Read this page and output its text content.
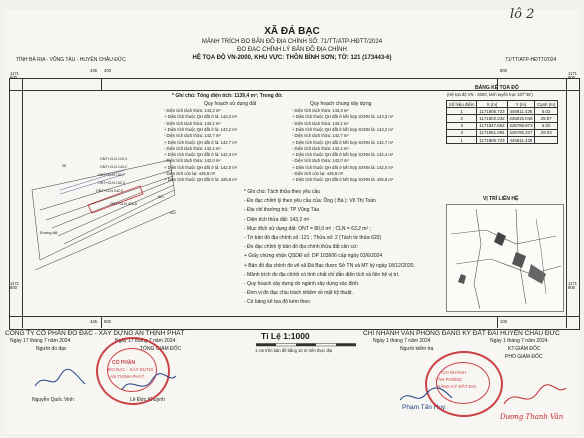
lô 2
XÃ ĐÁ BẠC
MẢNH TRÍCH ĐO BẢN ĐỒ ĐỊA CHÍNH SỐ: 71/TT/ATP-HĐTT/2024
ĐO ĐẠC CHỈNH LÝ BẢN ĐỒ ĐỊA CHÍNH
HỆ TỌA ĐỘ VN-2000, KHU VỰC: THÔN BÌNH SƠN; TỜ: 121 (173443-6)
TỈNH BÀ RỊA - VŨNG TÀU - HUYỆN CHÂU ĐỨC	71/TT/ATP-HĐTT/2024
445 400	800
1171
900
1171
900
1171
800
1171
800
445 800	100
* Ghi chú: Tổng diện tích: 1139,4 m²; Trong đó:
Quy hoạch sử dụng đất	Quy hoạch chung xây dựng
- Diện tích tách thửa: 143,3 m²
+ Diện tích thuộc QH đất ở là: 143,3 m²
- Diện tích tách thửa: 143,2 m²
+ Diện tích thuộc QH đất ở là: 143,2 m²
- Diện tích tách thửa: 142,7 m²
+ Diện tích thuộc QH đất ở là: 142,7 m²
- Diện tích tách thửa: 142,4 m²
+ Diện tích thuộc QH đất ở là: 142,4 m²
- Diện tích tách thửa: 142,0 m²
+ Diện tích thuộc QH đất ở là: 142,0 m²
- Diện tích còn lại: 425,8 m²
+ Diện tích thuộc QH đất ở là: 425,8 m²
- Diện tích tách thửa: 143,3 m²
+ Diện tích thuộc QH đất ở kết hợp SXNN là: 143,3 m²
- Diện tích tách thửa: 143,2 m²
+ Diện tích thuộc QH đất ở kết hợp SXNN là: 143,2 m²
- Diện tích tách thửa: 142,7 m²
+ Diện tích thuộc QH đất ở kết hợp SXNN là: 142,7 m²
- Diện tích tách thửa: 142,4 m²
+ Diện tích thuộc QH đất ở kết hợp SXNN là: 142,4 m²
- Diện tích tách thửa: 142,0 m²
+ Diện tích thuộc QH đất ở kết hợp SXNN là: 142,0 m²
- Diện tích còn lại: 425,8 m²
+ Diện tích thuộc QH đất ở kết hợp SXNN là: 425,8 m²
* Ghi chú: Tách thửa theo yêu cầu
- Đo đạc chỉnh lý theo yêu cầu của: Ông ( Bà ): Võ Thị Toán
- Địa chỉ thường trú: TP Vũng Tàu
- Diện tích thửa đất: 143,2 m²
- Mục đích sử dụng đất: ONT = 80,0 m² ; CLN = 63,2 m² ;
- Tờ bản đồ địa chính số: 121 ; Thửa số: 2 (Tách từ thửa 620)
- Đo đạc chỉnh lý bản đồ địa chính thửa đất căn cứ:
+ Giấy chứng nhận QSDĐ số: DP 103606 cấp ngày 03/6/2024
+ Bản đồ địa chính đo vẽ xã Đá Bạc được Sở TN và MT ký ngày 18/12/2020.
- Mảnh trích đo địa chính có tính chất chỉ dẫn diện tích và liên hệ vị trí.
- Quy hoạch xây dựng do ngành xây dựng xác định.
- Đơn vị đo đạc chịu trách nhiệm về mặt kỹ thuật.
- Có bảng kê tọa độ kèm theo
BẢNG KÊ TỌA ĐỘ
(Hệ tọa độ VN - 2000, kinh tuyến trục 107°45')
Số hiệu điểm	X (m)	Y (m)	Cạnh (m)
1	1171805.723	445811.435	5.02
2	1171802.232	445815.048	28.87
3	1171847.662	445788.973	5.00
4	1171851.094	445785.327	29.03
1	1171805.723	445811.435	
VỊ TRÍ LIÊN HỆ
ONT+CLN 143,3
ONT+CLN 143,2
ONT+CLN 142,7
ONT+CLN 142,4
ONT+CLN 142,0
ONT+CLN 425,8
621
622
36
Đường đất
Tỉ Lệ 1:1000
1 cm trên bản đồ bằng 10 m trên thực địa
CÔNG TY CỔ PHẦN ĐO ĐẠC - XÂY DỰNG AN THỊNH PHÁT
Ngày 17 tháng 7 năm 2024
Người đo đạc
Ngày 17 tháng 7 năm 2024.
TỔNG GIÁM ĐỐC
Nguyễn Quốc Vinh	Lê Đức Khuynh
CỔ PHẦN
ĐO ĐẠC - XÂY DỰNG
AN THỊNH PHÁT
CHI NHÁNH VĂN PHÒNG ĐĂNG KÝ ĐẤT ĐAI HUYỆN CHÂU ĐỨC
Ngày 1 tháng 7 năm 2024
Người kiểm tra
Ngày 1 tháng 7 năm 2024.
KT.GIÁM ĐỐC
PHÓ GIÁM ĐỐC
Phạm Tấn Huy
Dương Thanh Vân
CHI NHÁNH
VĂN PHÒNG
ĐĂNG KÝ ĐẤT ĐAI
